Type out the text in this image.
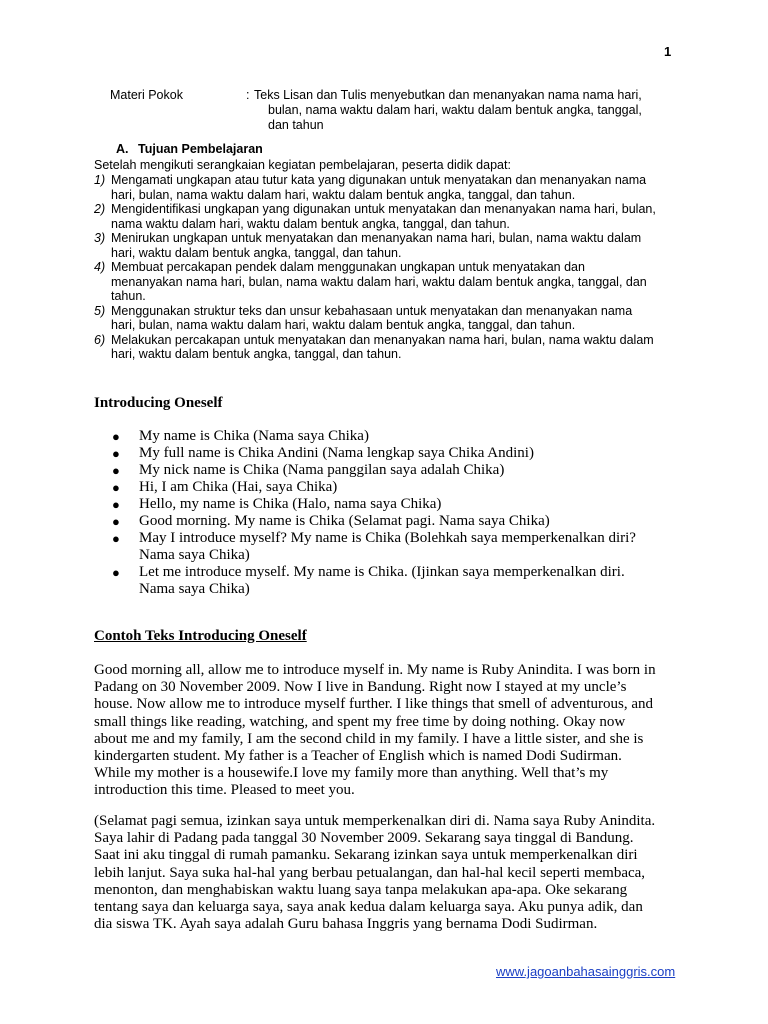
1
Materi Pokok	: Teks Lisan dan Tulis menyebutkan dan menanyakan nama nama hari,
bulan, nama waktu dalam hari, waktu dalam bentuk angka, tanggal,
dan tahun
A. Tujuan Pembelajaran
Setelah mengikuti serangkaian kegiatan pembelajaran, peserta didik dapat:
1) Mengamati ungkapan atau tutur kata yang digunakan untuk menyatakan dan menanyakan nama
hari, bulan, nama waktu dalam hari, waktu dalam bentuk angka, tanggal, dan tahun.
2) Mengidentifikasi ungkapan yang digunakan untuk menyatakan dan menanyakan nama hari, bulan,
nama waktu dalam hari, waktu dalam bentuk angka, tanggal, dan tahun.
3) Menirukan ungkapan untuk menyatakan dan menanyakan nama hari, bulan, nama waktu dalam
hari, waktu dalam bentuk angka, tanggal, dan tahun.
4) Membuat percakapan pendek dalam menggunakan ungkapan untuk menyatakan dan
menanyakan nama hari, bulan, nama waktu dalam hari, waktu dalam bentuk angka, tanggal, dan
tahun.
5) Menggunakan struktur teks dan unsur kebahasaan untuk menyatakan dan menanyakan nama
hari, bulan, nama waktu dalam hari, waktu dalam bentuk angka, tanggal, dan tahun.
6) Melakukan percakapan untuk menyatakan dan menanyakan nama hari, bulan, nama waktu dalam
hari, waktu dalam bentuk angka, tanggal, dan tahun.
Introducing Oneself
● My name is Chika (Nama saya Chika)
● My full name is Chika Andini (Nama lengkap saya Chika Andini)
● My nick name is Chika (Nama panggilan saya adalah Chika)
● Hi, I am Chika (Hai, saya Chika)
● Hello, my name is Chika (Halo, nama saya Chika)
● Good morning. My name is Chika (Selamat pagi. Nama saya Chika)
● May I introduce myself? My name is Chika (Bolehkah saya memperkenalkan diri?
Nama saya Chika)
● Let me introduce myself. My name is Chika. (Ijinkan saya memperkenalkan diri.
Nama saya Chika)
Contoh Teks Introducing Oneself

Good morning all, allow me to introduce myself in. My name is Ruby Anindita. I was born in
Padang on 30 November 2009. Now I live in Bandung. Right now I stayed at my uncle’s
house. Now allow me to introduce myself further. I like things that smell of adventurous, and
small things like reading, watching, and spent my free time by doing nothing. Okay now
about me and my family, I am the second child in my family. I have a little sister, and she is
kindergarten student. My father is a Teacher of English which is named Dodi Sudirman.
While my mother is a housewife.I love my family more than anything. Well that’s my
introduction this time. Pleased to meet you.

(Selamat pagi semua, izinkan saya untuk memperkenalkan diri di. Nama saya Ruby Anindita.
Saya lahir di Padang pada tanggal 30 November 2009. Sekarang saya tinggal di Bandung.
Saat ini aku tinggal di rumah pamanku. Sekarang izinkan saya untuk memperkenalkan diri
lebih lanjut. Saya suka hal-hal yang berbau petualangan, dan hal-hal kecil seperti membaca,
menonton, dan menghabiskan waktu luang saya tanpa melakukan apa-apa. Oke sekarang
tentang saya dan keluarga saya, saya anak kedua dalam keluarga saya. Aku punya adik, dan
dia siswa TK. Ayah saya adalah Guru bahasa Inggris yang bernama Dodi Sudirman.

www.jagoanbahasainggris.com
